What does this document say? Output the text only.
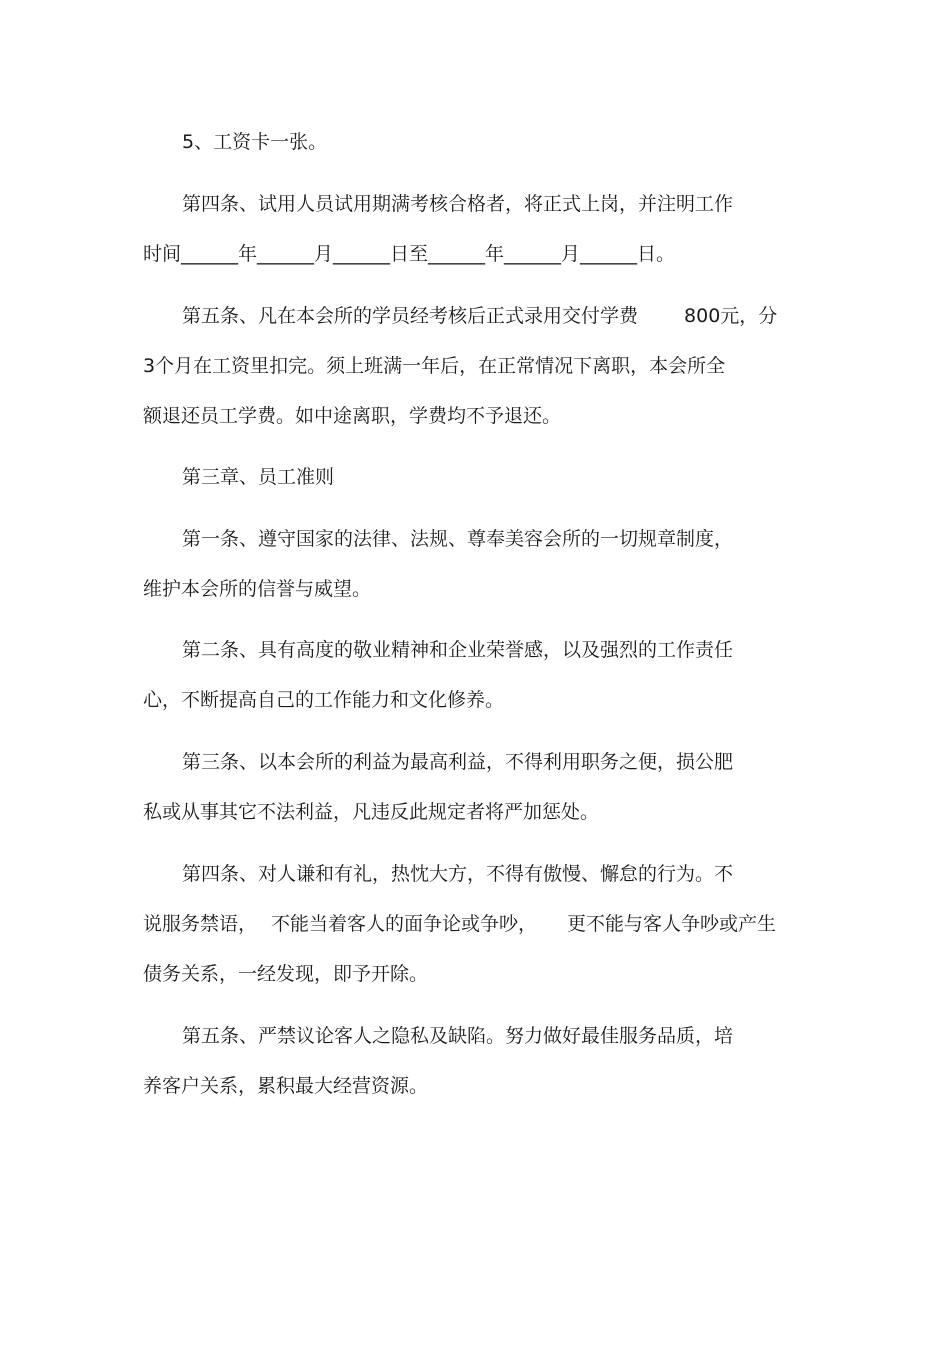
5、工资卡一张。
第四条、试用人员试用期满考核合格者，将正式上岗，并注明工作
时间______年______月______日至______年______月______日。
第五条、凡在本会所的学员经考核后正式录用交付学费 800元，分
3个月在工资里扣完。须上班满一年后，在正常情况下离职，本会所全
额退还员工学费。如中途离职，学费均不予退还。
第三章、员工准则
第一条、遵守国家的法律、法规、尊奉美容会所的一切规章制度，
维护本会所的信誉与威望。
第二条、具有高度的敬业精神和企业荣誉感，以及强烈的工作责任
心，不断提高自己的工作能力和文化修养。
第三条、以本会所的利益为最高利益，不得利用职务之便，损公肥
私或从事其它不法利益，凡违反此规定者将严加惩处。
第四条、对人谦和有礼，热忱大方，不得有傲慢、懈怠的行为。不
说服务禁语， 不能当着客人的面争论或争吵， 更不能与客人争吵或产生
债务关系，一经发现，即予开除。
第五条、严禁议论客人之隐私及缺陷。努力做好最佳服务品质，培
养客户关系，累积最大经营资源。
